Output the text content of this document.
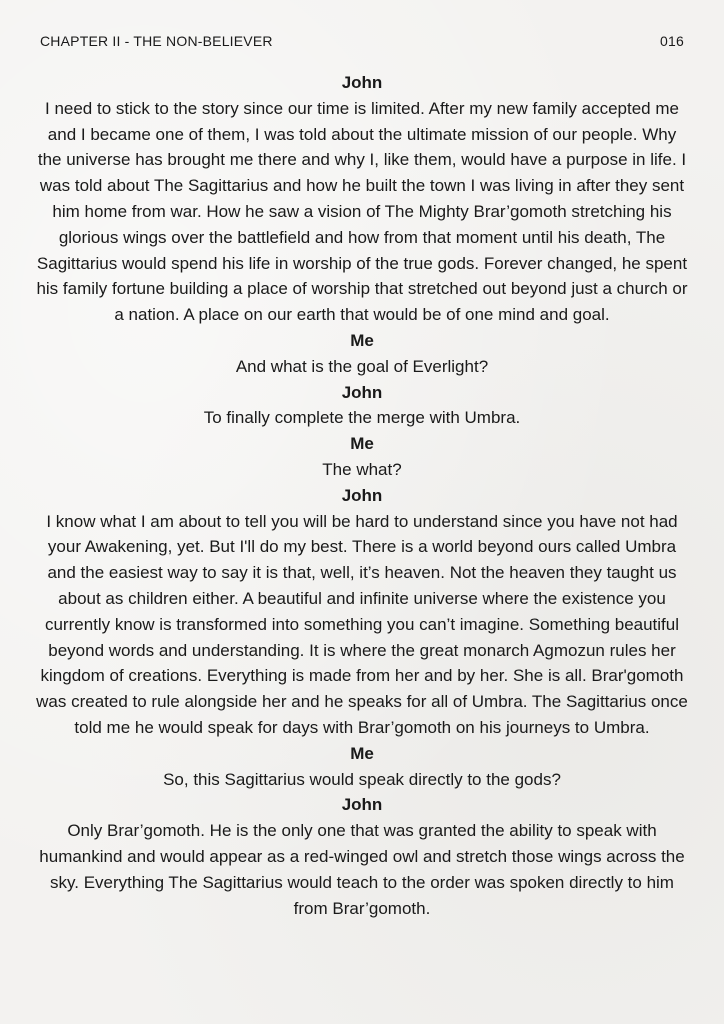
CHAPTER II - THE NON-BELIEVER	016
John
I need to stick to the story since our time is limited. After my new family accepted me and I became one of them, I was told about the ultimate mission of our people. Why the universe has brought me there and why I, like them, would have a purpose in life. I was told about The Sagittarius and how he built the town I was living in after they sent him home from war. How he saw a vision of The Mighty Brar’gomoth stretching his glorious wings over the battlefield and how from that moment until his death, The Sagittarius would spend his life in worship of the true gods. Forever changed, he spent his family fortune building a place of worship that stretched out beyond just a church or a nation. A place on our earth that would be of one mind and goal.
Me
And what is the goal of Everlight?
John
To finally complete the merge with Umbra.
Me
The what?
John
I know what I am about to tell you will be hard to understand since you have not had your Awakening, yet. But I'll do my best. There is a world beyond ours called Umbra and the easiest way to say it is that, well, it’s heaven. Not the heaven they taught us about as children either. A beautiful and infinite universe where the existence you currently know is transformed into something you can’t imagine. Something beautiful beyond words and understanding. It is where the great monarch Agmozun rules her kingdom of creations. Everything is made from her and by her. She is all. Brar'gomoth was created to rule alongside her and he speaks for all of Umbra. The Sagittarius once told me he would speak for days with Brar’gomoth on his journeys to Umbra.
Me
So, this Sagittarius would speak directly to the gods?
John
Only Brar’gomoth. He is the only one that was granted the ability to speak with humankind and would appear as a red-winged owl and stretch those wings across the sky. Everything The Sagittarius would teach to the order was spoken directly to him from Brar’gomoth.
